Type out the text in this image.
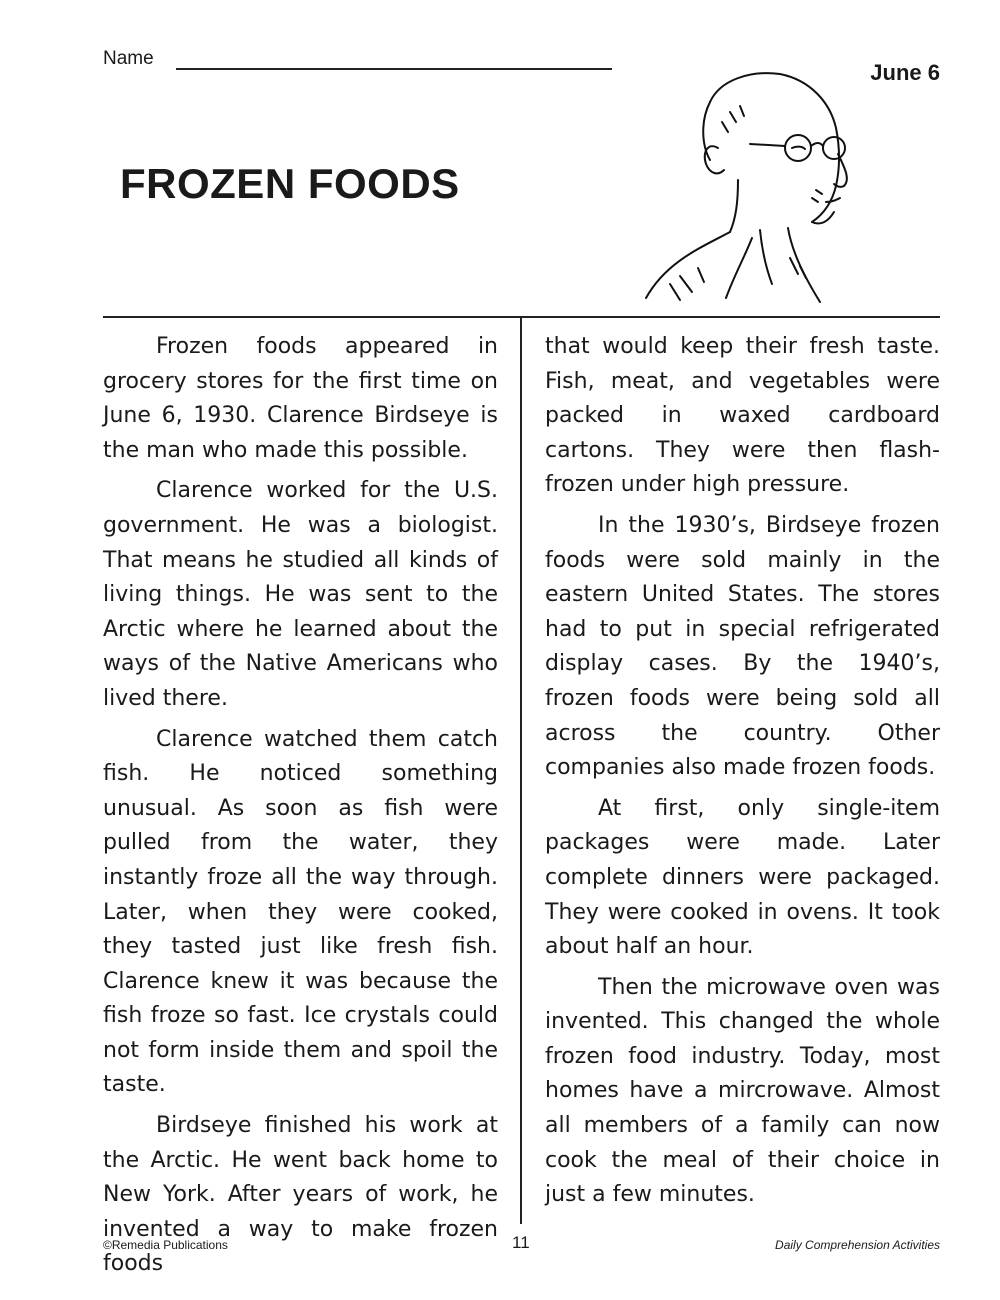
Name
June 6
FROZEN FOODS

Frozen foods appeared in grocery stores for the first time on June 6, 1930. Clarence Birdseye is the man who made this possible.

Clarence worked for the U.S. government. He was a biologist. That means he studied all kinds of living things. He was sent to the Arctic where he learned about the ways of the Native Americans who lived there.

Clarence watched them catch fish. He noticed something unusual. As soon as fish were pulled from the water, they instantly froze all the way through. Later, when they were cooked, they tasted just like fresh fish. Clarence knew it was because the fish froze so fast. Ice crystals could not form inside them and spoil the taste.

Birdseye finished his work at the Arctic. He went back home to New York. After years of work, he invented a way to make frozen foods

that would keep their fresh taste. Fish, meat, and vegetables were packed in waxed cardboard cartons. They were then flash-frozen under high pressure.

In the 1930’s, Birdseye frozen foods were sold mainly in the eastern United States. The stores had to put in special refrigerated display cases. By the 1940’s, frozen foods were being sold all across the country. Other companies also made frozen foods.

At first, only single-item packages were made. Later complete dinners were packaged. They were cooked in ovens. It took about half an hour.

Then the microwave oven was invented. This changed the whole frozen food industry. Today, most homes have a mircrowave. Almost all members of a family can now cook the meal of their choice in just a few minutes.

©Remedia Publications	11	Daily Comprehension Activities
